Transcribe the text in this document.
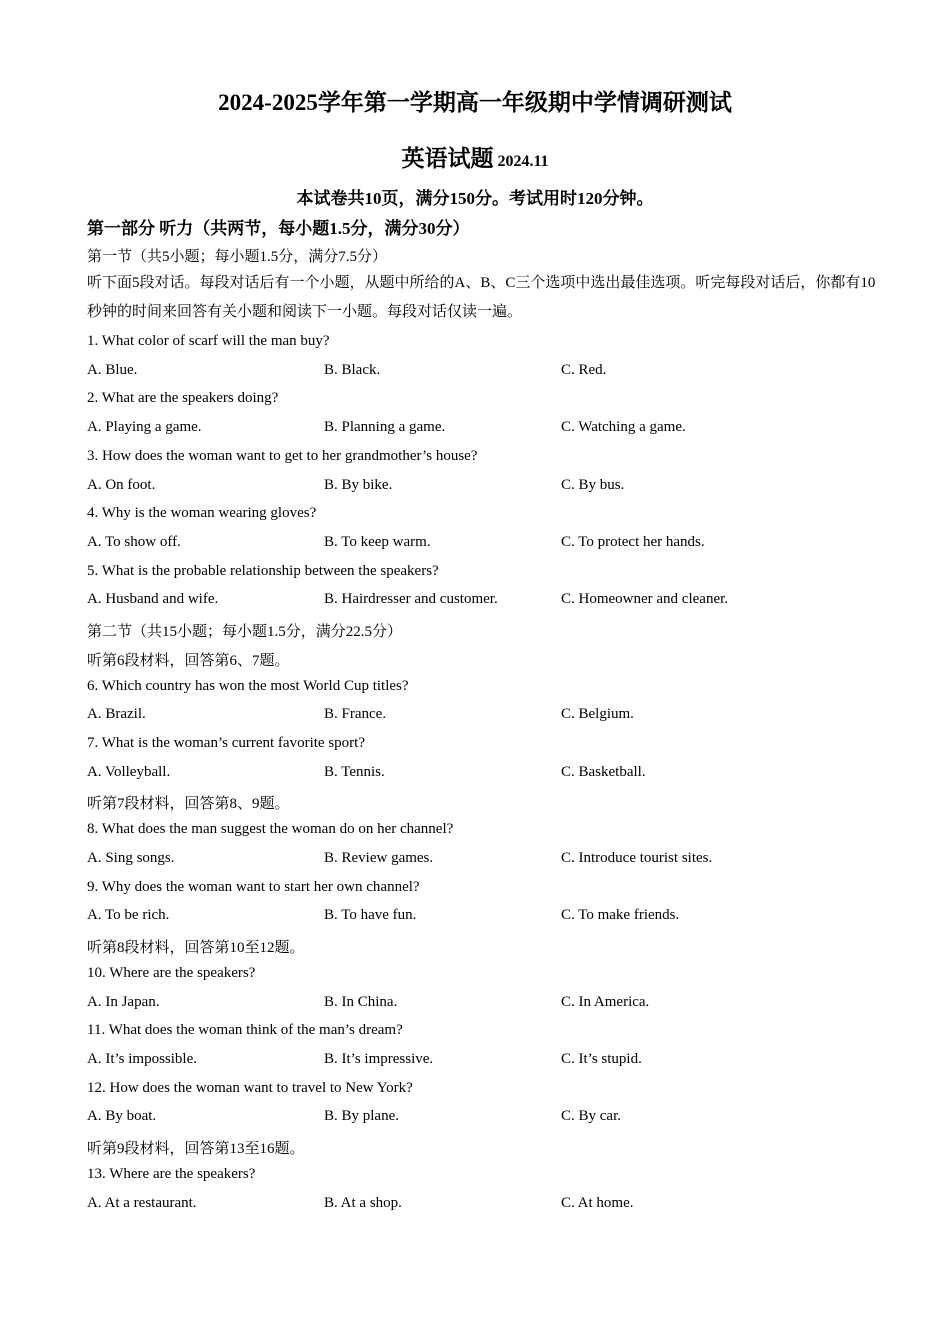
2024-2025学年第一学期高一年级期中学情调研测试
英语试题 2024.11
本试卷共10页，满分150分。考试用时120分钟。
第一部分 听力（共两节，每小题1.5分，满分30分）
第一节（共5小题；每小题1.5分，满分7.5分）
听下面5段对话。每段对话后有一个小题，从题中所给的A、B、C三个选项中选出最佳选项。听完每段对话后，你都有10秒钟的时间来回答有关小题和阅读下一小题。每段对话仅读一遍。
1. What color of scarf will the man buy?
A. Blue.	B. Black.	C. Red.
2. What are the speakers doing?
A. Playing a game.	B. Planning a game.	C. Watching a game.
3. How does the woman want to get to her grandmother’s house?
A. On foot.	B. By bike.	C. By bus.
4. Why is the woman wearing gloves?
A. To show off.	B. To keep warm.	C. To protect her hands.
5. What is the probable relationship between the speakers?
A. Husband and wife.	B. Hairdresser and customer.	C. Homeowner and cleaner.
第二节（共15小题；每小题1.5分，满分22.5分）
听第6段材料，回答第6、7题。
6. Which country has won the most World Cup titles?
A. Brazil.	B. France.	C. Belgium.
7. What is the woman’s current favorite sport?
A. Volleyball.	B. Tennis.	C. Basketball.
听第7段材料，回答第8、9题。
8. What does the man suggest the woman do on her channel?
A. Sing songs.	B. Review games.	C. Introduce tourist sites.
9. Why does the woman want to start her own channel?
A. To be rich.	B. To have fun.	C. To make friends.
听第8段材料，回答第10至12题。
10. Where are the speakers?
A. In Japan.	B. In China.	C. In America.
11. What does the woman think of the man’s dream?
A. It’s impossible.	B. It’s impressive.	C. It’s stupid.
12. How does the woman want to travel to New York?
A. By boat.	B. By plane.	C. By car.
听第9段材料，回答第13至16题。
13. Where are the speakers?
A. At a restaurant.	B. At a shop.	C. At home.
